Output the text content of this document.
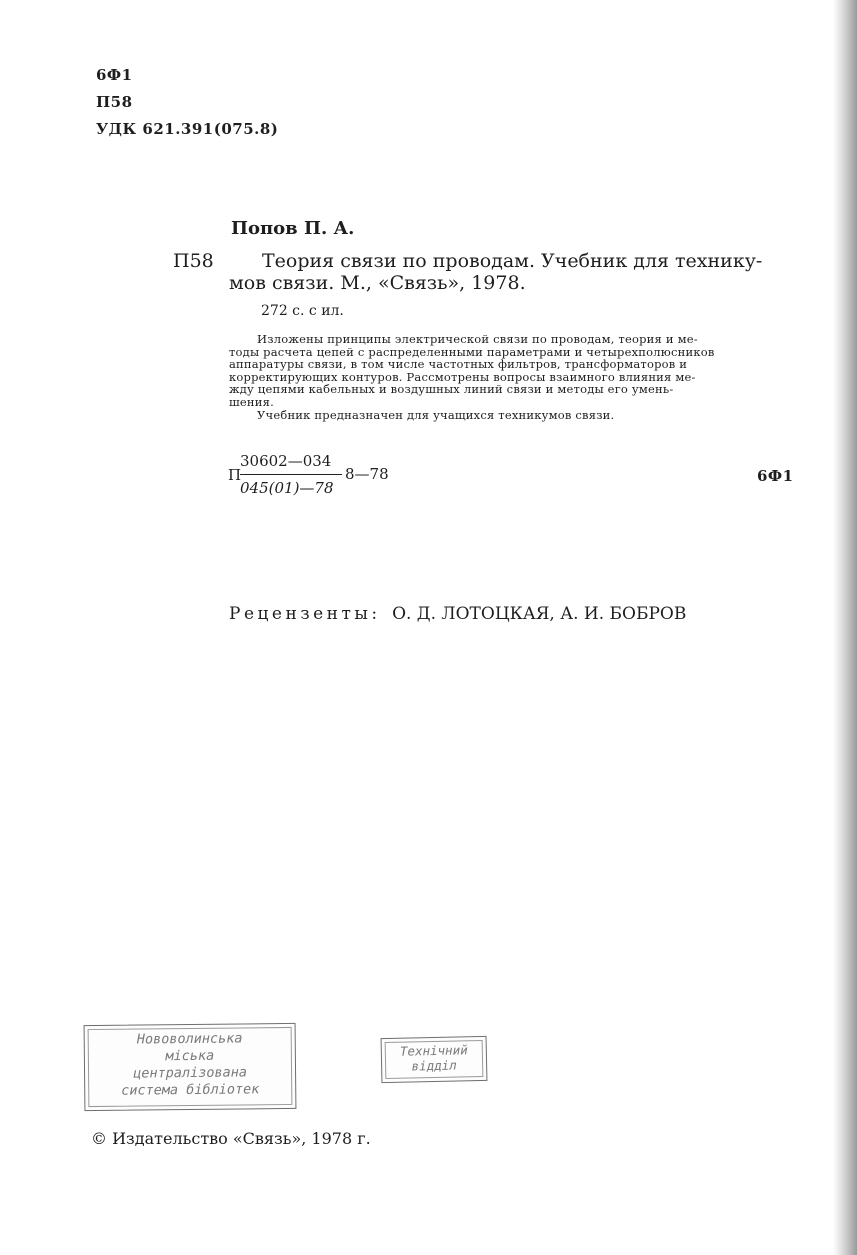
6Ф1
П58
УДК 621.391(075.8)
Попов П. А.
П58	Теория связи по проводам. Учебник для технику-
мов связи. М., «Связь», 1978.
272 с. с ил.
Изложены принципы электрической связи по проводам, теория и ме-
тоды расчета цепей с распределенными параметрами и четырехполюсников
аппаратуры связи, в том числе частотных фильтров, трансформаторов и
корректирующих контуров. Рассмотрены вопросы взаимного влияния ме-
жду цепями кабельных и воздушных линий связи и методы его умень-
шения.
Учебник предназначен для учащихся техникумов связи.
П
30602—034
045(01)—78
8—78	6Ф1
Рецензенты: О. Д. ЛОТОЦКАЯ, А. И. БОБРОВ
Нововолинська
міська
централізована
система бібліотек
Технічний
відділ
© Издательство «Связь», 1978 г.
